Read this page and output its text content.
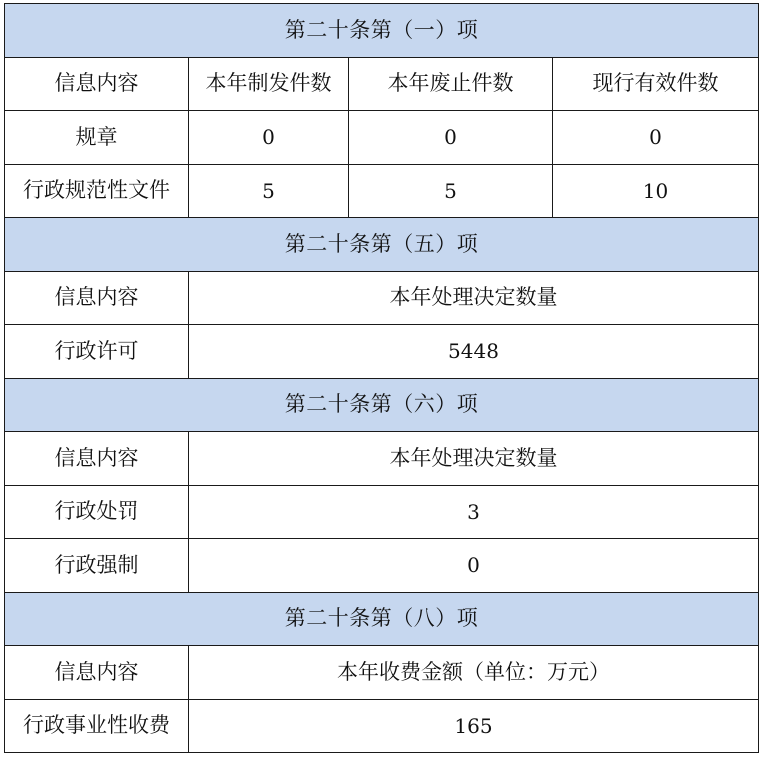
第二十条第（一）项			
信息内容	本年制发件数	本年废止件数	现行有效件数
规章	0	0	0
行政规范性文件	5	5	10
第二十条第（五）项			
信息内容	本年处理决定数量		
行政许可	5448		
第二十条第（六）项			
信息内容	本年处理决定数量		
行政处罚	3		
行政强制	0		
第二十条第（八）项			
信息内容	本年收费金额（单位：万元）		
行政事业性收费	165		
